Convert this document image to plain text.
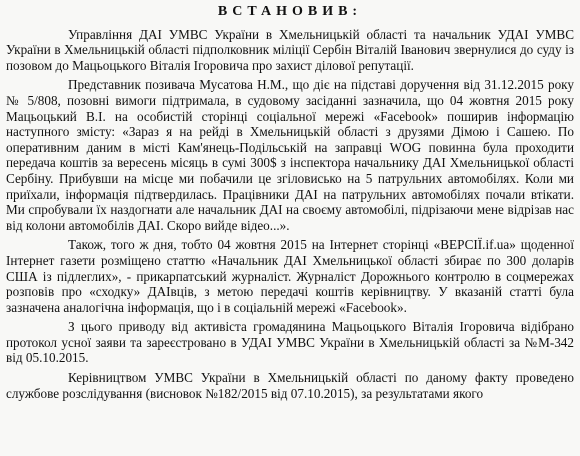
ВСТАНОВИВ:

Управління ДАІ УМВС України в Хмельницькій області та начальник УДАІ УМВС України в Хмельницькій області підполковник міліції Сербін Віталій Іванович звернулися до суду із позовом до Мацьоцького Віталія Ігоровича про захист ділової репутації.

Представник позивача Мусатова Н.М., що діє на підставі доручення від 31.12.2015 року № 5/808, позовні вимоги підтримала, в судовому засіданні зазначила, що 04 жовтня 2015 року Мацьоцький В.І. на особистій сторінці соціальної мережі «Facebook» поширив інформацію наступного змісту: «Зараз я на рейді в Хмельницькій області з друзями Дімою і Сашею. По оперативним даним в місті Кам'янець-Подільській на заправці WOG повинна була проходити передача коштів за вересень місяць в сумі 300$ з інспектора начальнику ДАІ Хмельницької області Сербіну. Прибувши на місце ми побачили це згіловисько на 5 патрульних автомобілях. Коли ми приїхали, інформація підтвердилась. Працівники ДАІ на патрульних автомобілях почали втікати. Ми спробували їх наздогнати але начальник ДАІ на своєму автомобілі, підрізаючи мене відрізав нас від колони автомобілів ДАІ. Скоро вийде відео...».

Також, того ж дня, тобто 04 жовтня 2015 на Інтернет сторінці «ВЕРСІЇ.if.ua» щоденної Інтернет газети розміщено статтю «Начальник ДАІ Хмельницької області збирає по 300 доларів США із підлеглих», - прикарпатський журналіст. Журналіст Дорожнього контролю в соцмережах розповів про «сходку» ДАІвців, з метою передачі коштів керівництву. У вказаній статті була зазначена аналогічна інформація, що і в соціальній мережі «Facebook».

З цього приводу від активіста громадянина Мацьоцького Віталія Ігоровича відібрано протокол усної заяви та зареєстровано в УДАІ УМВС України в Хмельницькій області за №М-342 від 05.10.2015.

Керівництвом УМВС України в Хмельницькій області по даному факту проведено службове розслідування (висновок №182/2015 від 07.10.2015), за результатами якого
